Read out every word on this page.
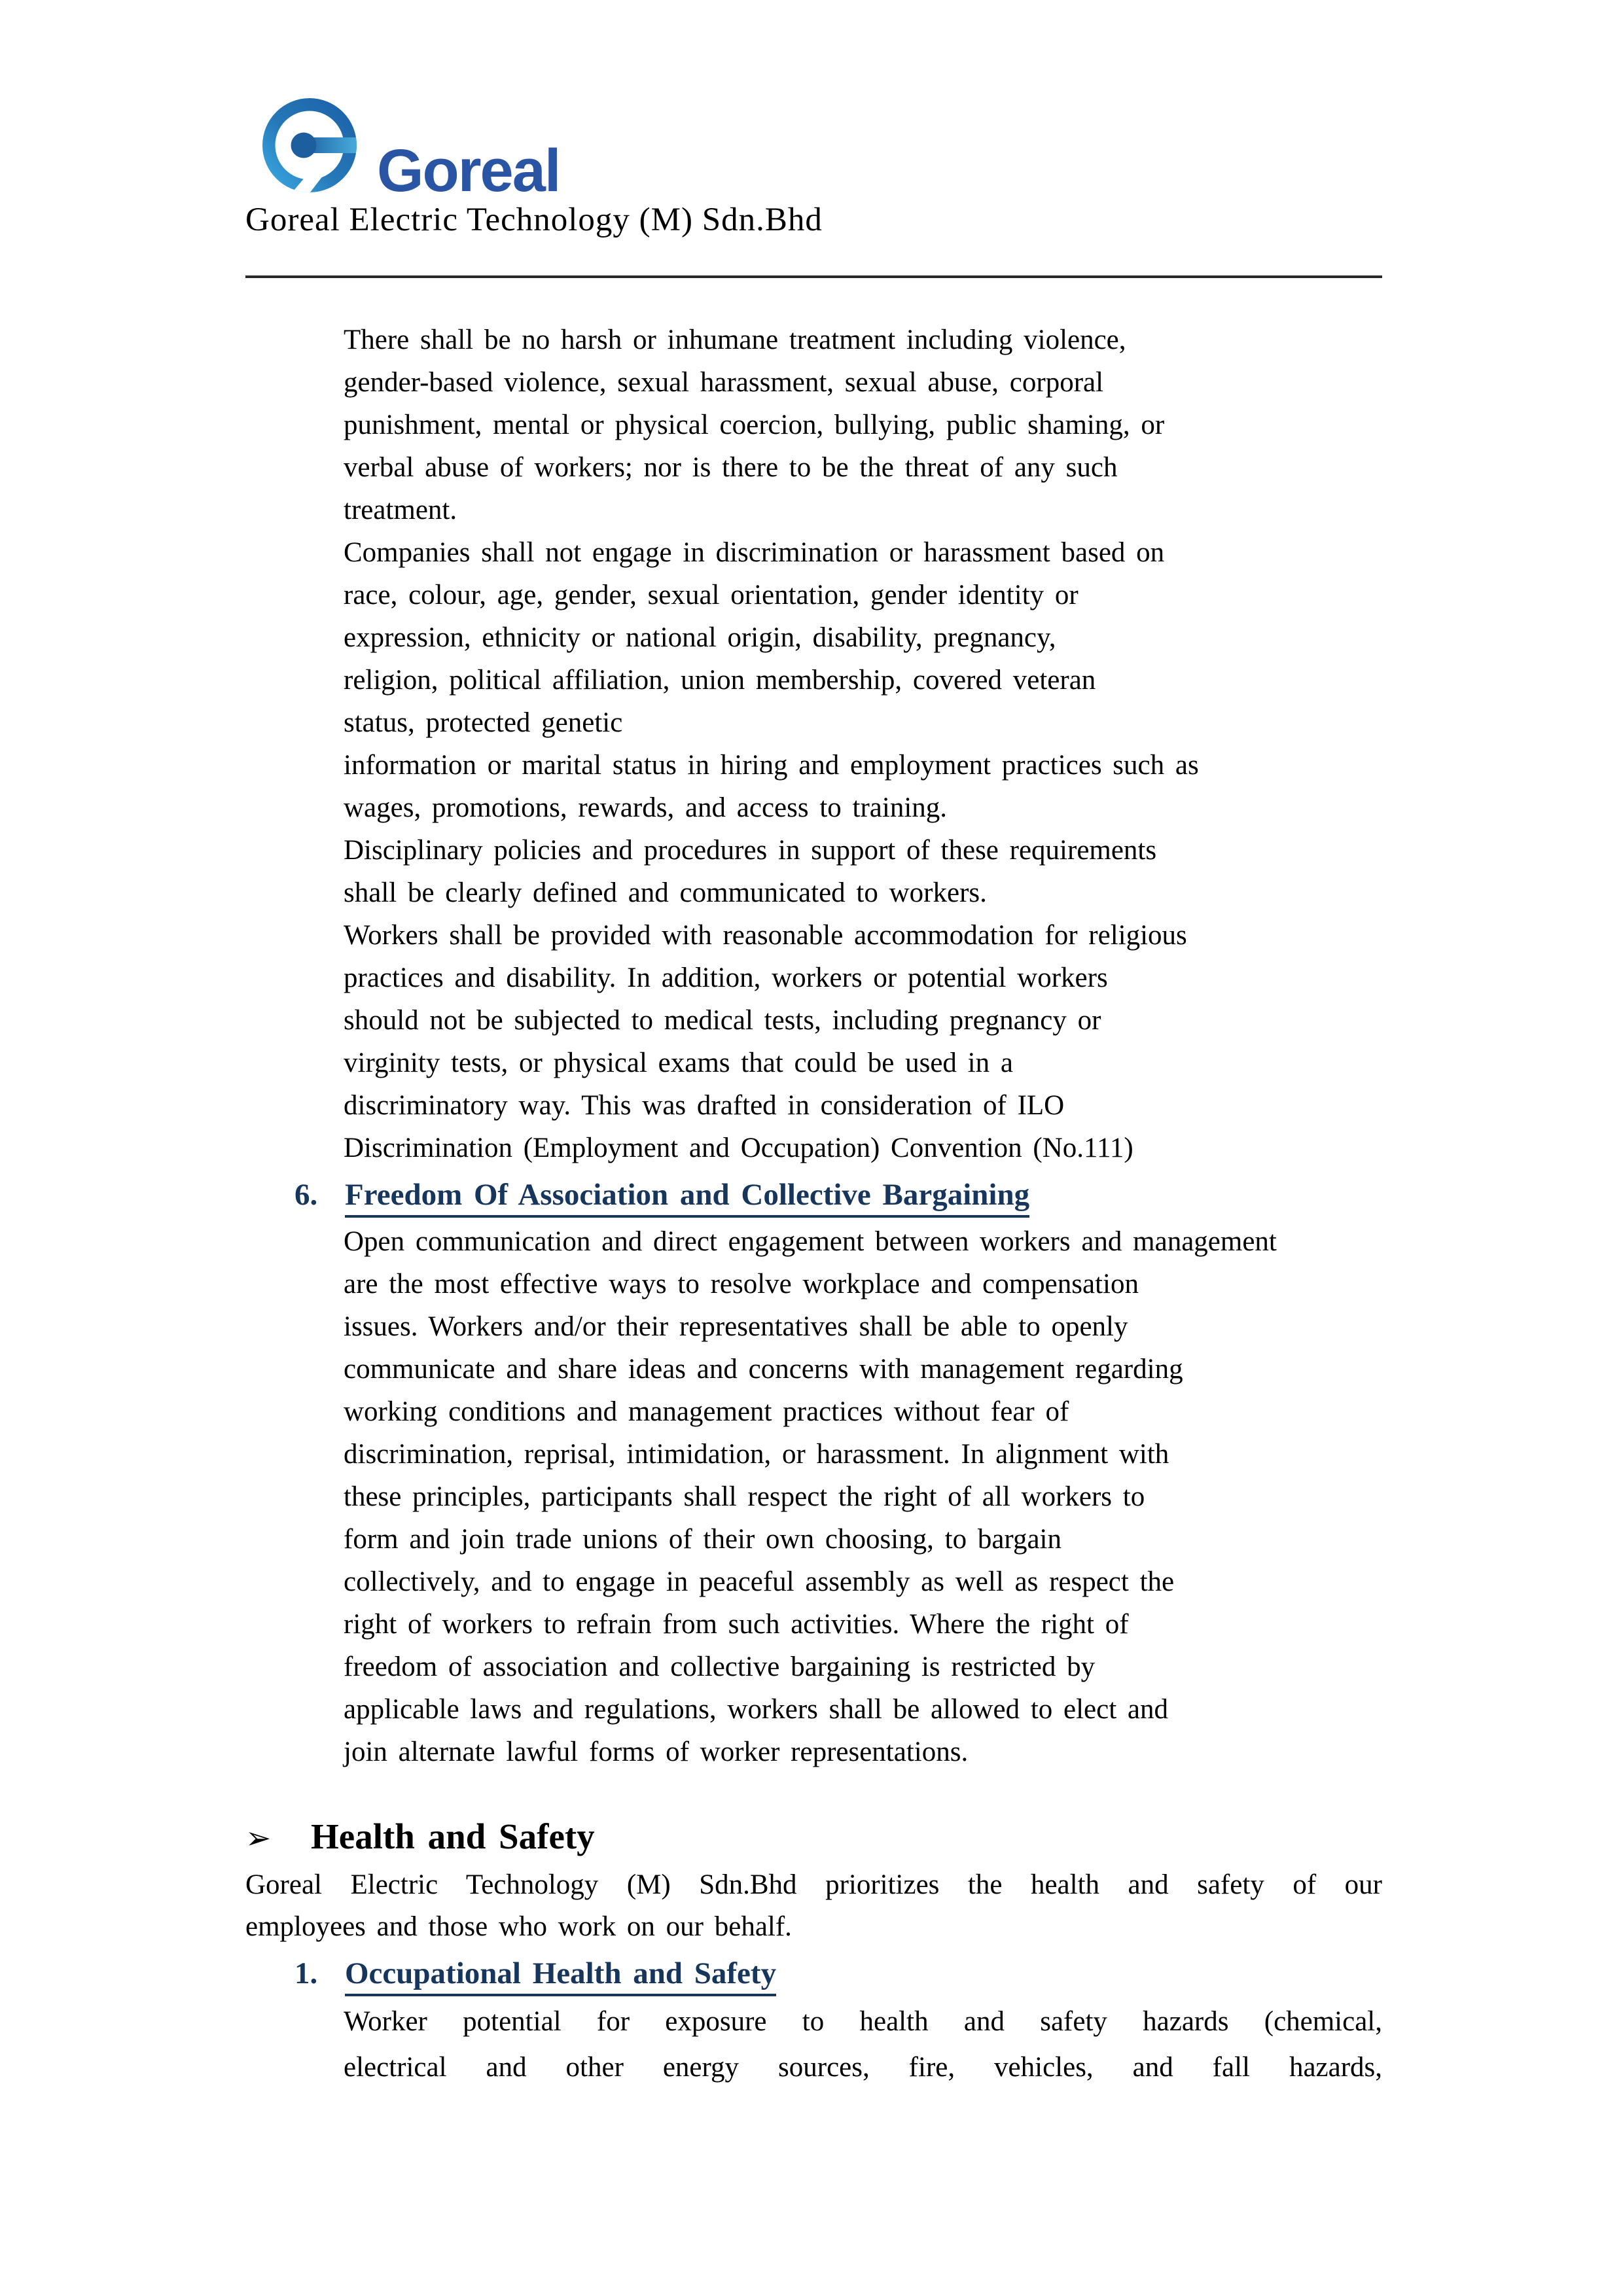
Goreal
Goreal Electric Technology (M) Sdn.Bhd
There shall be no harsh or inhumane treatment including violence,
gender-based violence, sexual harassment, sexual abuse, corporal
punishment, mental or physical coercion, bullying, public shaming, or
verbal abuse of workers; nor is there to be the threat of any such
treatment.
Companies shall not engage in discrimination or harassment based on
race, colour, age, gender, sexual orientation, gender identity or
expression, ethnicity or national origin, disability, pregnancy,
religion, political affiliation, union membership, covered veteran
status, protected genetic
information or marital status in hiring and employment practices such as
wages, promotions, rewards, and access to training.
Disciplinary policies and procedures in support of these requirements
shall be clearly defined and communicated to workers.
Workers shall be provided with reasonable accommodation for religious
practices and disability. In addition, workers or potential workers
should not be subjected to medical tests, including pregnancy or
virginity tests, or physical exams that could be used in a
discriminatory way. This was drafted in consideration of ILO
Discrimination (Employment and Occupation) Convention (No.111)
6. Freedom Of Association and Collective Bargaining
Open communication and direct engagement between workers and management
are the most effective ways to resolve workplace and compensation
issues. Workers and/or their representatives shall be able to openly
communicate and share ideas and concerns with management regarding
working conditions and management practices without fear of
discrimination, reprisal, intimidation, or harassment. In alignment with
these principles, participants shall respect the right of all workers to
form and join trade unions of their own choosing, to bargain
collectively, and to engage in peaceful assembly as well as respect the
right of workers to refrain from such activities. Where the right of
freedom of association and collective bargaining is restricted by
applicable laws and regulations, workers shall be allowed to elect and
join alternate lawful forms of worker representations.
➢	Health and Safety
Goreal Electric Technology (M) Sdn.Bhd prioritizes the health and safety of our
employees and those who work on our behalf.
1. Occupational Health and Safety
Worker potential for exposure to health and safety hazards (chemical,
electrical and other energy sources, fire, vehicles, and fall hazards,
